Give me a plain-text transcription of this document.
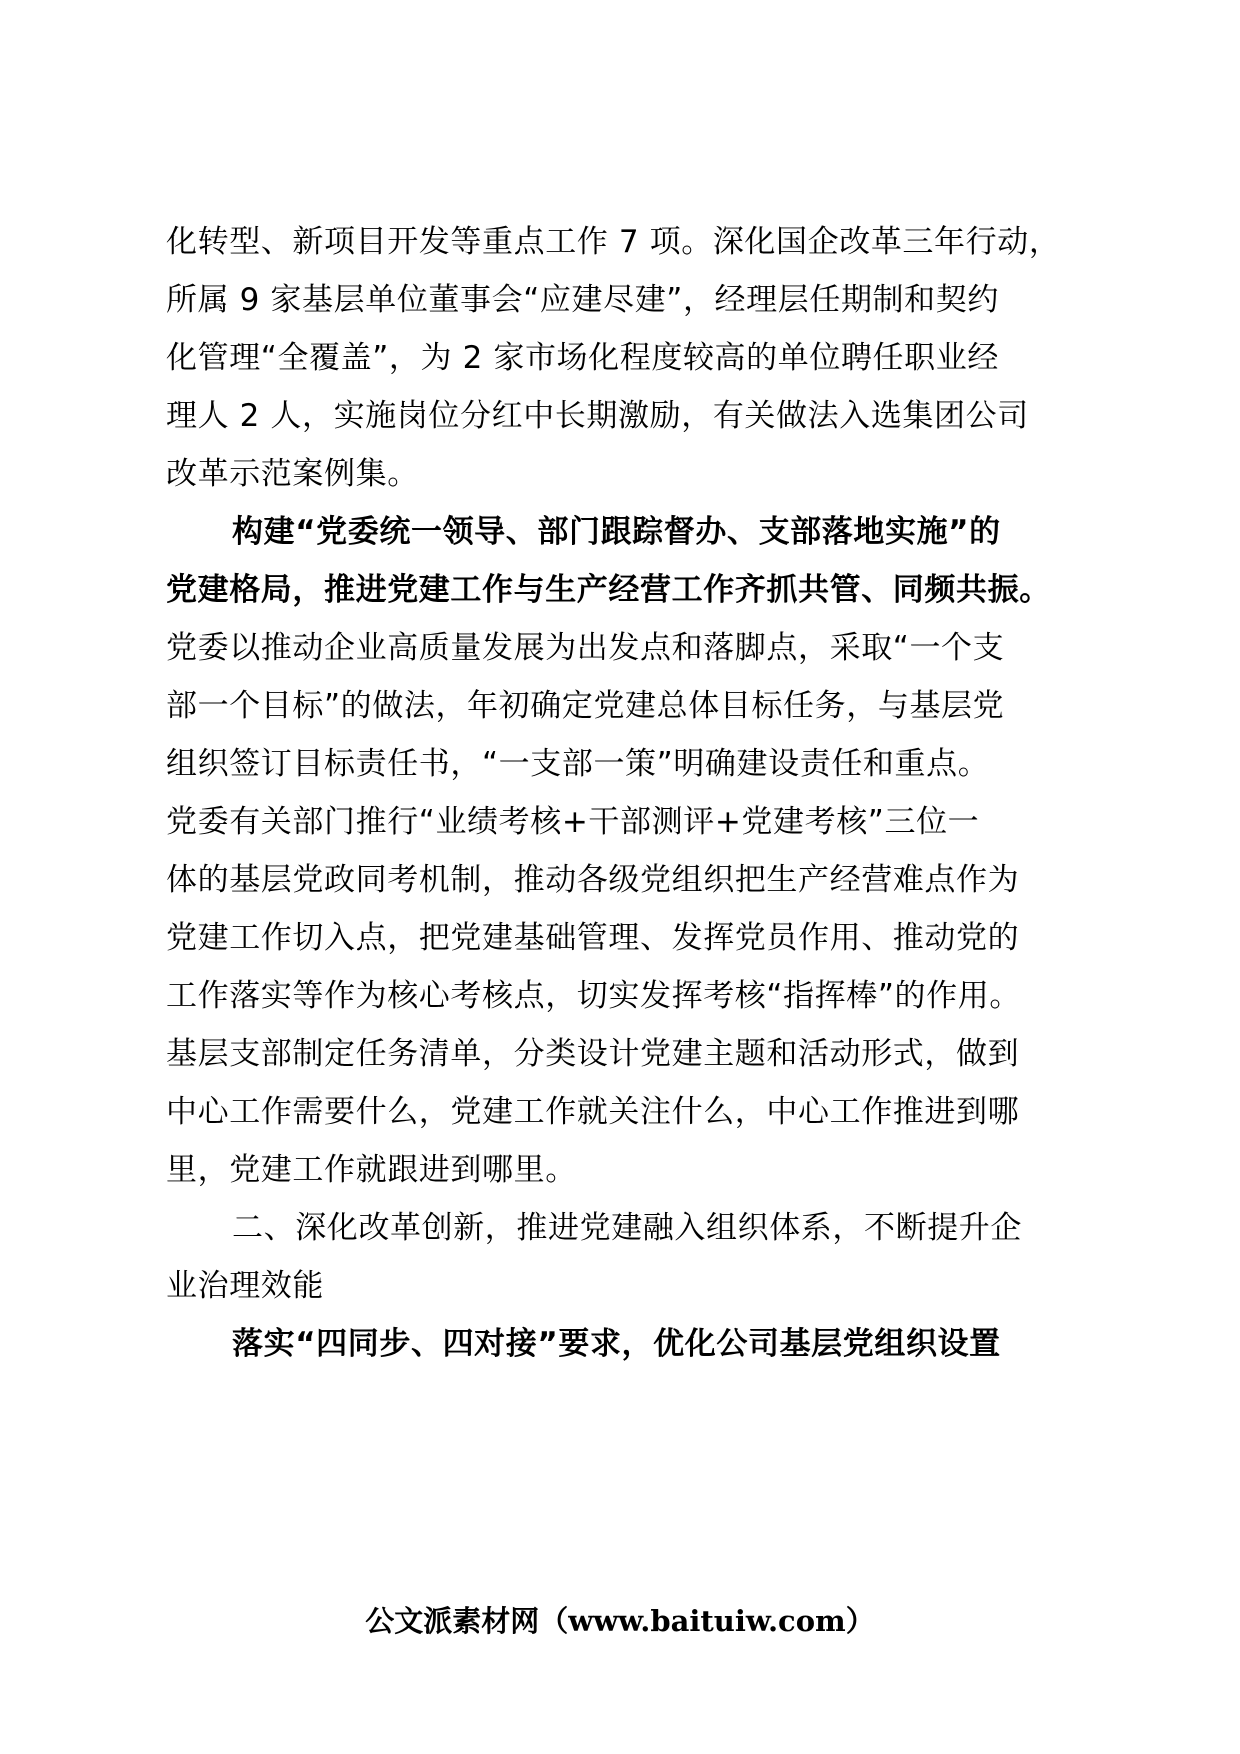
化转型、新项目开发等重点工作 7 项。深化国企改革三年行动，
所属 9 家基层单位董事会“应建尽建”，经理层任期制和契约
化管理“全覆盖”，为 2 家市场化程度较高的单位聘任职业经
理人 2 人，实施岗位分红中长期激励，有关做法入选集团公司
改革示范案例集。
构建“党委统一领导、部门跟踪督办、支部落地实施”的
党建格局，推进党建工作与生产经营工作齐抓共管、同频共振。
党委以推动企业高质量发展为出发点和落脚点，采取“一个支
部一个目标”的做法，年初确定党建总体目标任务，与基层党
组织签订目标责任书，“一支部一策”明确建设责任和重点。
党委有关部门推行“业绩考核+干部测评+党建考核”三位一
体的基层党政同考机制，推动各级党组织把生产经营难点作为
党建工作切入点，把党建基础管理、发挥党员作用、推动党的
工作落实等作为核心考核点，切实发挥考核“指挥棒”的作用。
基层支部制定任务清单，分类设计党建主题和活动形式，做到
中心工作需要什么，党建工作就关注什么，中心工作推进到哪
里，党建工作就跟进到哪里。
二、深化改革创新，推进党建融入组织体系，不断提升企
业治理效能
落实“四同步、四对接”要求，优化公司基层党组织设置
公文派素材网（www.baituiw.com）
